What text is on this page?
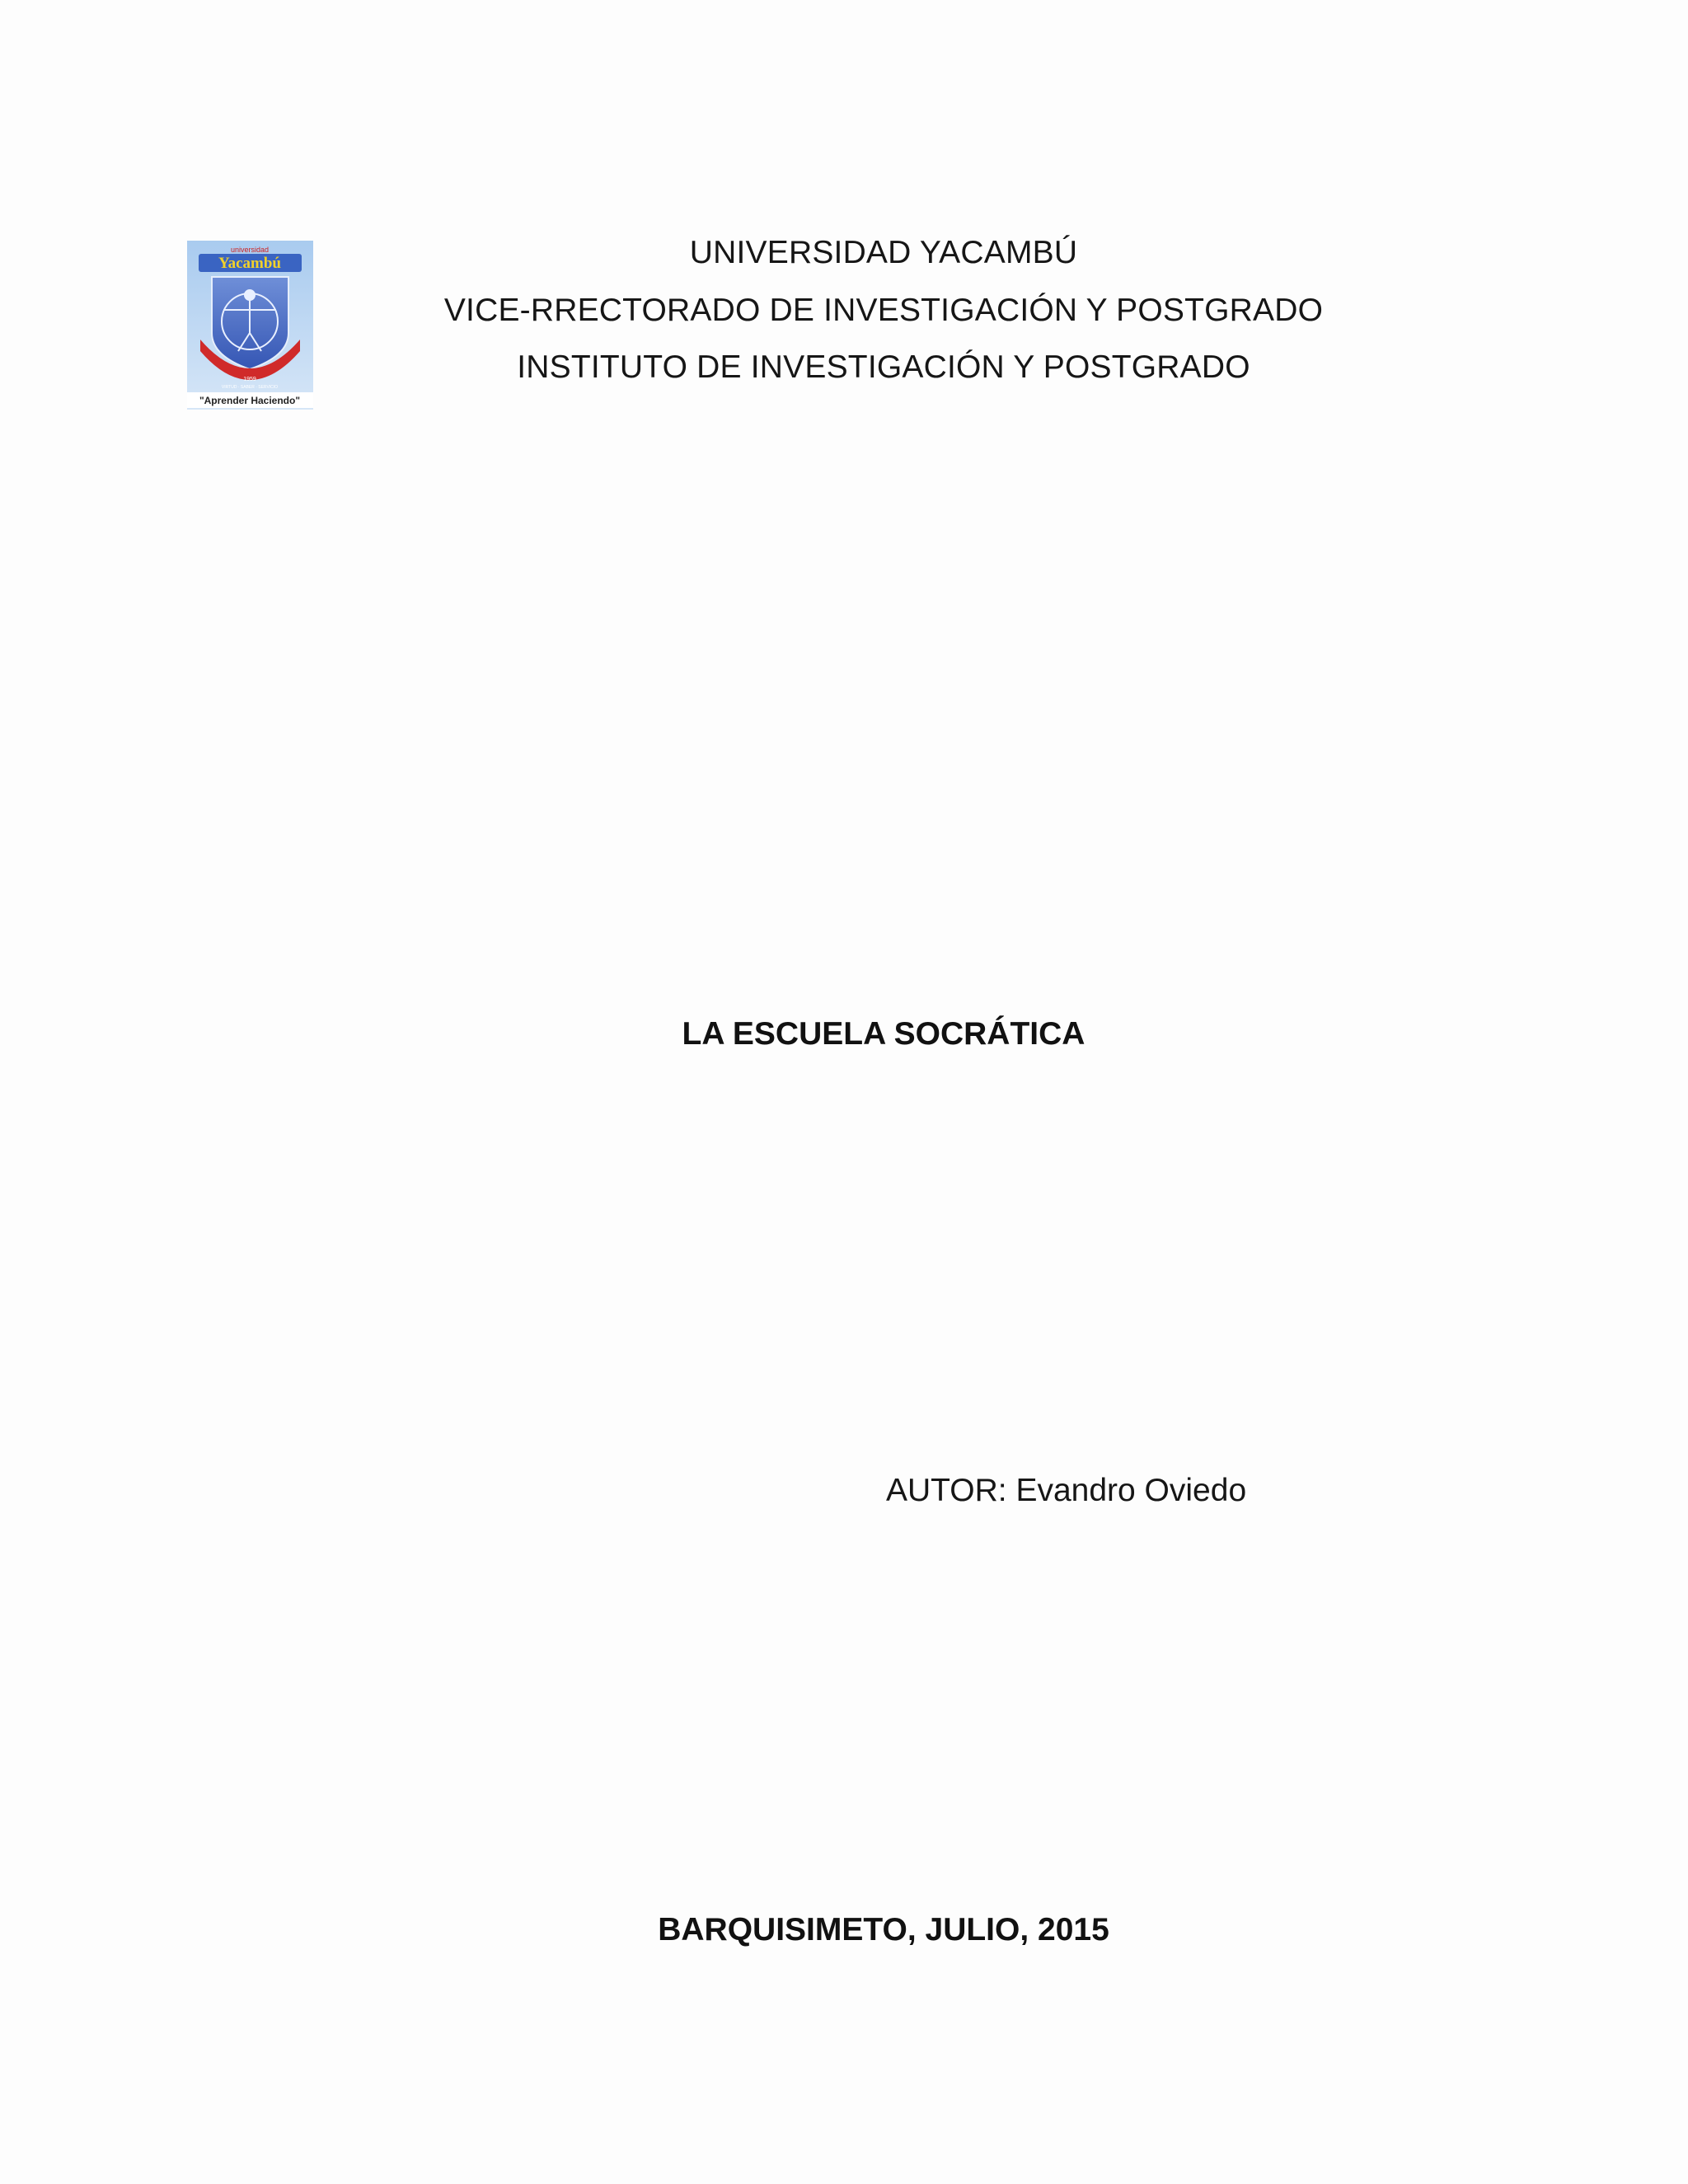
universidad
Yacambú
1959
VIRTUD · SABER · SERVICIO
"Aprender Haciendo"
UNIVERSIDAD YACAMBÚ
VICE-RRECTORADO DE INVESTIGACIÓN Y POSTGRADO
INSTITUTO DE INVESTIGACIÓN Y POSTGRADO
LA ESCUELA SOCRÁTICA
AUTOR: Evandro Oviedo
BARQUISIMETO, JULIO, 2015
